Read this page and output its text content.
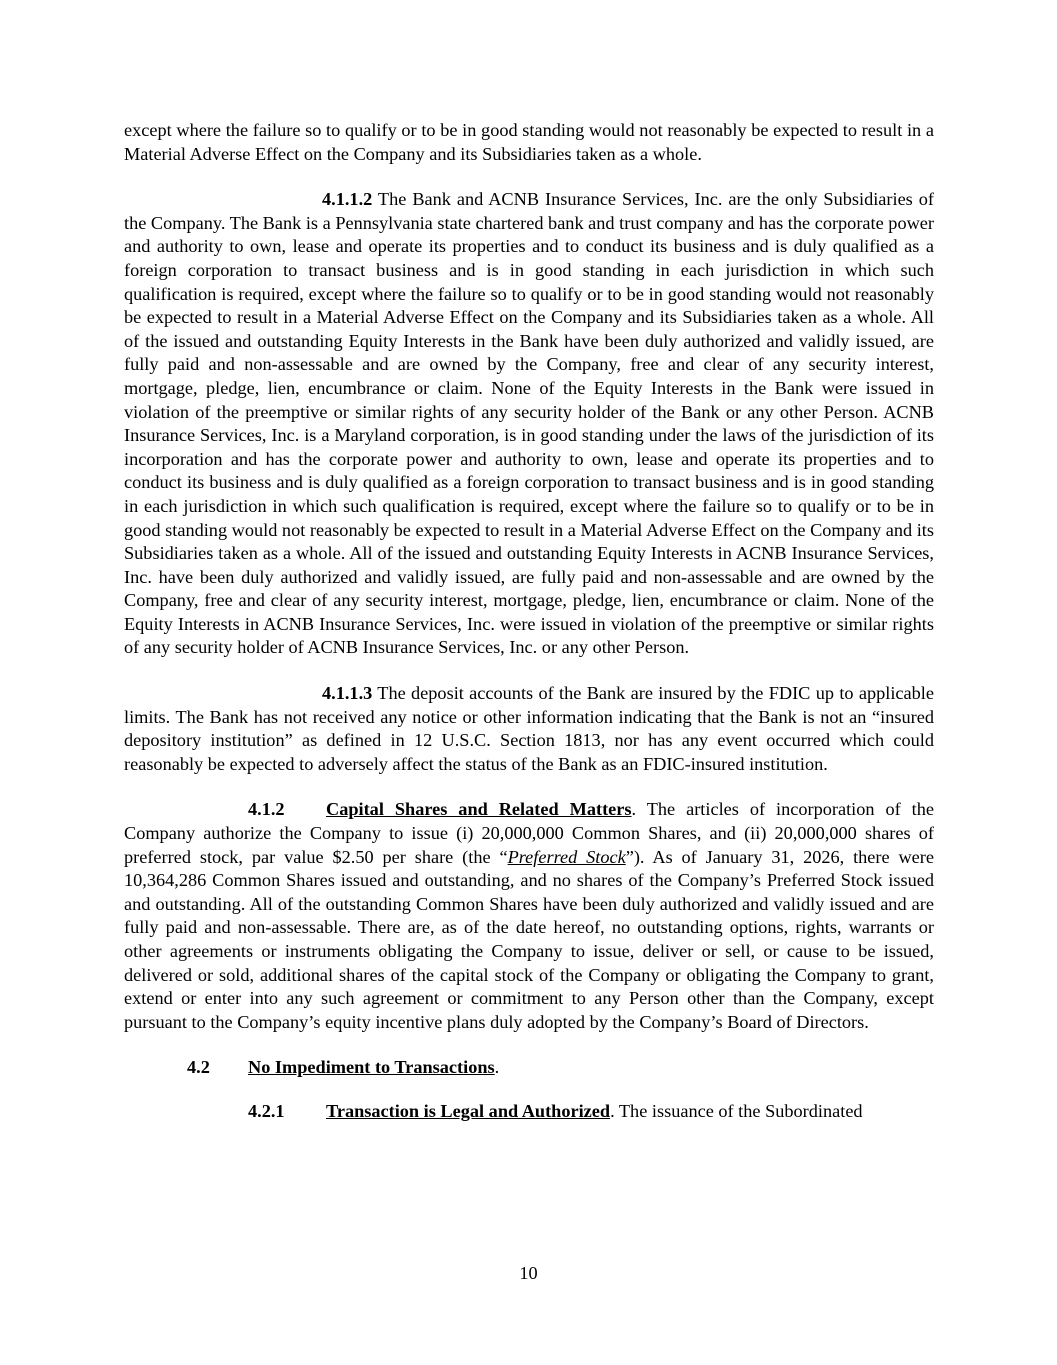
except where the failure so to qualify or to be in good standing would not reasonably be expected to result in a Material Adverse Effect on the Company and its Subsidiaries taken as a whole.

4.1.1.2 The Bank and ACNB Insurance Services, Inc. are the only Subsidiaries of the Company. The Bank is a Pennsylvania state chartered bank and trust company and has the corporate power and authority to own, lease and operate its properties and to conduct its business and is duly qualified as a foreign corporation to transact business and is in good standing in each jurisdiction in which such qualification is required, except where the failure so to qualify or to be in good standing would not reasonably be expected to result in a Material Adverse Effect on the Company and its Subsidiaries taken as a whole. All of the issued and outstanding Equity Interests in the Bank have been duly authorized and validly issued, are fully paid and non-assessable and are owned by the Company, free and clear of any security interest, mortgage, pledge, lien, encumbrance or claim. None of the Equity Interests in the Bank were issued in violation of the preemptive or similar rights of any security holder of the Bank or any other Person. ACNB Insurance Services, Inc. is a Maryland corporation, is in good standing under the laws of the jurisdiction of its incorporation and has the corporate power and authority to own, lease and operate its properties and to conduct its business and is duly qualified as a foreign corporation to transact business and is in good standing in each jurisdiction in which such qualification is required, except where the failure so to qualify or to be in good standing would not reasonably be expected to result in a Material Adverse Effect on the Company and its Subsidiaries taken as a whole. All of the issued and outstanding Equity Interests in ACNB Insurance Services, Inc. have been duly authorized and validly issued, are fully paid and non-assessable and are owned by the Company, free and clear of any security interest, mortgage, pledge, lien, encumbrance or claim. None of the Equity Interests in ACNB Insurance Services, Inc. were issued in violation of the preemptive or similar rights of any security holder of ACNB Insurance Services, Inc. or any other Person.

4.1.1.3 The deposit accounts of the Bank are insured by the FDIC up to applicable limits. The Bank has not received any notice or other information indicating that the Bank is not an “insured depository institution” as defined in 12 U.S.C. Section 1813, nor has any event occurred which could reasonably be expected to adversely affect the status of the Bank as an FDIC-insured institution.

4.1.2 Capital Shares and Related Matters. The articles of incorporation of the Company authorize the Company to issue (i) 20,000,000 Common Shares, and (ii) 20,000,000 shares of preferred stock, par value $2.50 per share (the “Preferred Stock”). As of January 31, 2026, there were 10,364,286 Common Shares issued and outstanding, and no shares of the Company’s Preferred Stock issued and outstanding. All of the outstanding Common Shares have been duly authorized and validly issued and are fully paid and non-assessable. There are, as of the date hereof, no outstanding options, rights, warrants or other agreements or instruments obligating the Company to issue, deliver or sell, or cause to be issued, delivered or sold, additional shares of the capital stock of the Company or obligating the Company to grant, extend or enter into any such agreement or commitment to any Person other than the Company, except pursuant to the Company’s equity incentive plans duly adopted by the Company’s Board of Directors.

4.2 No Impediment to Transactions.
4.2.1 Transaction is Legal and Authorized. The issuance of the Subordinated
10
